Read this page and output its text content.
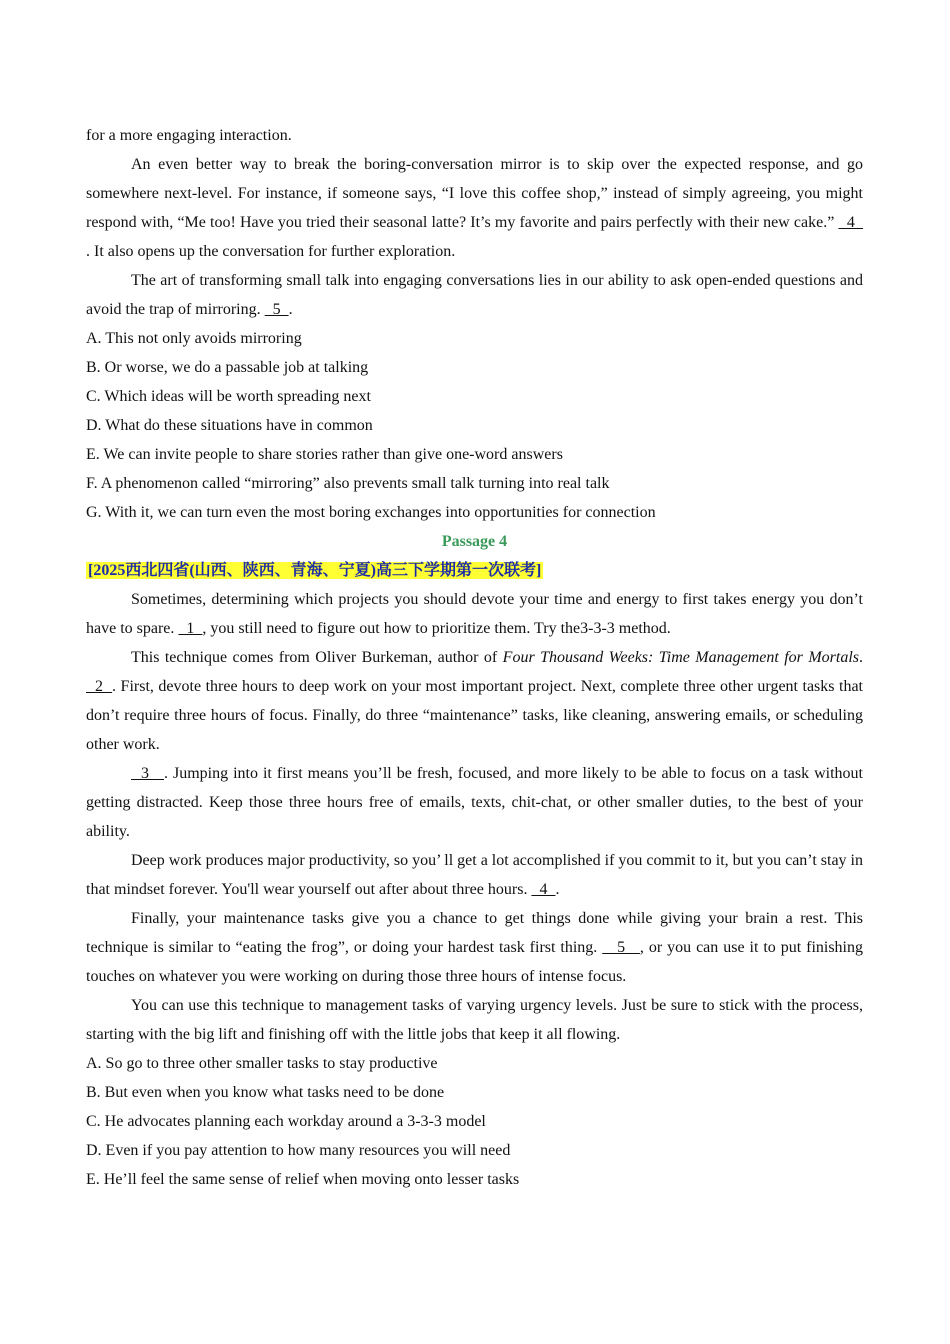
for a more engaging interaction.

An even better way to break the boring-conversation mirror is to skip over the expected response, and go somewhere next-level. For instance, if someone says, “I love this coffee shop,” instead of simply agreeing, you might respond with, “Me too! Have you tried their seasonal latte? It’s my favorite and pairs perfectly with their new cake.”   4   . It also opens up the conversation for further exploration.

The art of transforming small talk into engaging conversations lies in our ability to ask open-ended questions and avoid the trap of mirroring.   5  .

A. This not only avoids mirroring
B. Or worse, we do a passable job at talking
C. Which ideas will be worth spreading next
D. What do these situations have in common
E. We can invite people to share stories rather than give one-word answers
F. A phenomenon called “mirroring” also prevents small talk turning into real talk
G. With it, we can turn even the most boring exchanges into opportunities for connection
Passage 4
[2025西北四省(山西、陕西、青海、宁夏)高三下学期第一次联考]

Sometimes, determining which projects you should devote your time and energy to first takes energy you don’t have to spare.   1  , you still need to figure out how to prioritize them. Try the3-3-3 method.

This technique comes from Oliver Burkeman, author of Four Thousand Weeks: Time Management for Mortals.   2  . First, devote three hours to deep work on your most important project. Next, complete three other urgent tasks that don’t require three hours of focus. Finally, do three “maintenance” tasks, like cleaning, answering emails, or scheduling other work.

3   . Jumping into it first means you’ll be fresh, focused, and more likely to be able to focus on a task without getting distracted. Keep those three hours free of emails, texts, chit-chat, or other smaller duties, to the best of your ability.

Deep work produces major productivity, so you’ ll get a lot accomplished if you commit to it, but you can’t stay in that mindset forever. You'll wear yourself out after about three hours.   4  .

Finally, your maintenance tasks give you a chance to get things done while giving your brain a rest. This technique is similar to “eating the frog”, or doing your hardest task first thing.    5   , or you can use it to put finishing touches on whatever you were working on during those three hours of intense focus.

You can use this technique to management tasks of varying urgency levels. Just be sure to stick with the process, starting with the big lift and finishing off with the little jobs that keep it all flowing.

A. So go to three other smaller tasks to stay productive
B. But even when you know what tasks need to be done
C. He advocates planning each workday around a 3-3-3 model
D. Even if you pay attention to how many resources you will need
E. He’ll feel the same sense of relief when moving onto lesser tasks
